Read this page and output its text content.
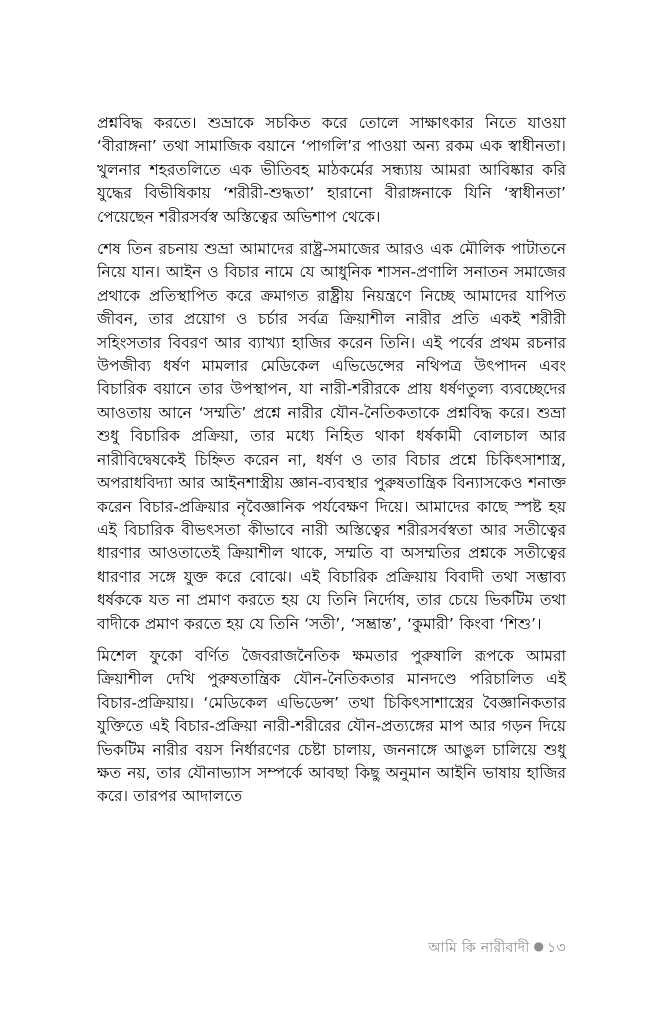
প্রশ্নবিদ্ধ করতে। শুভ্রাকে সচকিত করে তোলে সাক্ষাৎকার নিতে যাওয়া ‘বীরাঙ্গনা’ তথা সামাজিক বয়ানে ‘পাগলি’র পাওয়া অন্য রকম এক স্বাধীনতা। খুলনার শহরতলিতে এক ভীতিবহ মাঠকর্মের সন্ধ্যায় আমরা আবিষ্কার করি যুদ্ধের বিভীষিকায় ‘শরীরী-শুদ্ধতা’ হারানো বীরাঙ্গনাকে যিনি ‘স্বাধীনতা’ পেয়েছেন শরীরসর্বস্ব অস্তিত্বের অভিশাপ থেকে।

শেষ তিন রচনায় শুভ্রা আমাদের রাষ্ট্র-সমাজের আরও এক মৌলিক পাটাতনে নিয়ে যান। আইন ও বিচার নামে যে আধুনিক শাসন-প্রণালি সনাতন সমাজের প্রথাকে প্রতিস্থাপিত করে ক্রমাগত রাষ্ট্রীয় নিয়ন্ত্রণে নিচ্ছে আমাদের যাপিত জীবন, তার প্রয়োগ ও চর্চার সর্বত্র ক্রিয়াশীল নারীর প্রতি একই শরীরী সহিংসতার বিবরণ আর ব্যাখ্যা হাজির করেন তিনি। এই পর্বের প্রথম রচনার উপজীব্য ধর্ষণ মামলার মেডিকেল এভিডেন্সের নথিপত্র উৎপাদন এবং বিচারিক বয়ানে তার উপস্থাপন, যা নারী-শরীরকে প্রায় ধর্ষণতুল্য ব্যবচ্ছেদের আওতায় আনে ‘সম্মতি’ প্রশ্নে নারীর যৌন-নৈতিকতাকে প্রশ্নবিদ্ধ করে। শুভ্রা শুধু বিচারিক প্রক্রিয়া, তার মধ্যে নিহিত থাকা ধর্ষকামী বোলচাল আর নারীবিদ্বেষকেই চিহ্নিত করেন না, ধর্ষণ ও তার বিচার প্রশ্নে চিকিৎসাশাস্ত্র, অপরাধবিদ্যা আর আইনশাস্ত্রীয় জ্ঞান-ব্যবস্থার পুরুষতান্ত্রিক বিন্যাসকেও শনাক্ত করেন বিচার-প্রক্রিয়ার নৃবৈজ্ঞানিক পর্যবেক্ষণ দিয়ে। আমাদের কাছে স্পষ্ট হয় এই বিচারিক বীভৎসতা কীভাবে নারী অস্তিত্বের শরীরসর্বস্বতা আর সতীত্বের ধারণার আওতাতেই ক্রিয়াশীল থাকে, সম্মতি বা অসম্মতির প্রশ্নকে সতীত্বের ধারণার সঙ্গে যুক্ত করে বোঝে। এই বিচারিক প্রক্রিয়ায় বিবাদী তথা সম্ভাব্য ধর্ষককে যত না প্রমাণ করতে হয় যে তিনি নির্দোষ, তার চেয়ে ভিকটিম তথা বাদীকে প্রমাণ করতে হয় যে তিনি ‘সতী’, ‘সম্ভ্রান্ত’, ‘কুমারী’ কিংবা ‘শিশু’।

মিশেল ফুকো বর্ণিত জৈবরাজনৈতিক ক্ষমতার পুরুষালি রূপকে আমরা ক্রিয়াশীল দেখি পুরুষতান্ত্রিক যৌন-নৈতিকতার মানদণ্ডে পরিচালিত এই বিচার-প্রক্রিয়ায়। ‘মেডিকেল এভিডেন্স’ তথা চিকিৎসাশাস্ত্রের বৈজ্ঞানিকতার যুক্তিতে এই বিচার-প্রক্রিয়া নারী-শরীরের যৌন-প্রত্যঙ্গের মাপ আর গড়ন দিয়ে ভিকটিম নারীর বয়স নির্ধারণের চেষ্টা চালায়, জননাঙ্গে আঙুল চালিয়ে শুধু ক্ষত নয়, তার যৌনাভ্যাস সম্পর্কে আবছা কিছু অনুমান আইনি ভাষায় হাজির করে। তারপর আদালতে

আমি কি নারীবাদী ● ১৩
